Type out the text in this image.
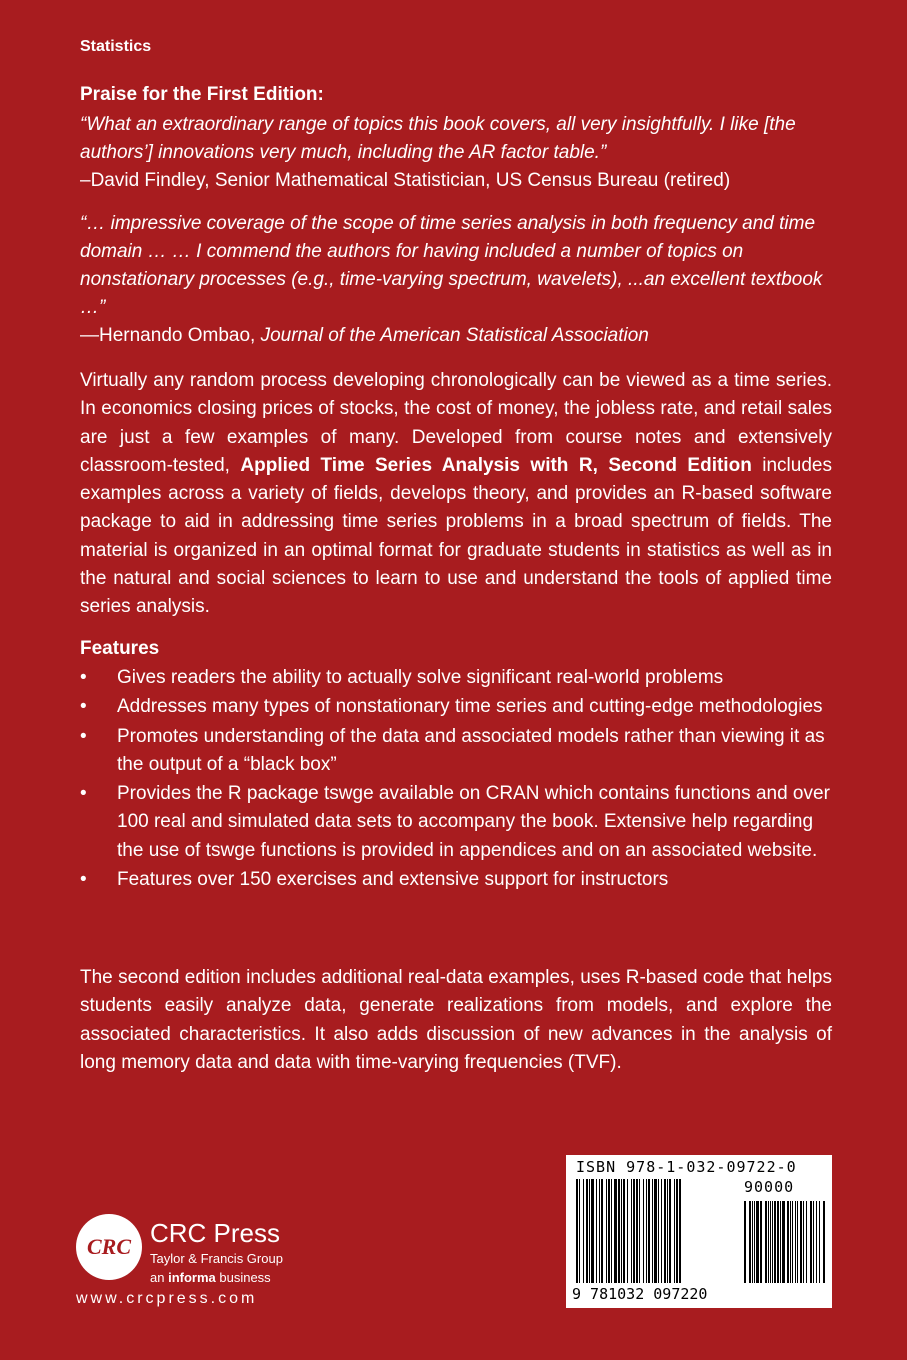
Statistics
Praise for the First Edition:
“What an extraordinary range of topics this book covers, all very insightfully. I like [the authors’] innovations very much, including the AR factor table.”
–David Findley, Senior Mathematical Statistician, US Census Bureau (retired)
“… impressive coverage of the scope of time series analysis in both frequency and time domain … … I commend the authors for having included a number of topics on nonstationary processes (e.g., time-varying spectrum, wavelets), ...an excellent textbook …”
—Hernando Ombao, Journal of the American Statistical Association
Virtually any random process developing chronologically can be viewed as a time series. In economics closing prices of stocks, the cost of money, the jobless rate, and retail sales are just a few examples of many. Developed from course notes and extensively classroom-tested, Applied Time Series Analysis with R, Second Edition includes examples across a variety of fields, develops theory, and provides an R-based software package to aid in addressing time series problems in a broad spectrum of fields. The material is organized in an optimal format for graduate students in statistics as well as in the natural and social sciences to learn to use and understand the tools of applied time series analysis.
Features
• Gives readers the ability to actually solve significant real-world problems
• Addresses many types of nonstationary time series and cutting-edge methodologies
• Promotes understanding of the data and associated models rather than viewing it as the output of a “black box”
• Provides the R package tswge available on CRAN which contains functions and over 100 real and simulated data sets to accompany the book. Extensive help regarding the use of tswge functions is provided in appendices and on an associated website.
• Features over 150 exercises and extensive support for instructors
The second edition includes additional real-data examples, uses R-based code that helps students easily analyze data, generate realizations from models, and explore the associated characteristics. It also adds discussion of new advances in the analysis of long memory data and data with time-varying frequencies (TVF).
CRC CRC Press
Taylor & Francis Group
an informa business
www.crcpress.com
ISBN 978-1-032-09722-0
90000
9 781032 097220
